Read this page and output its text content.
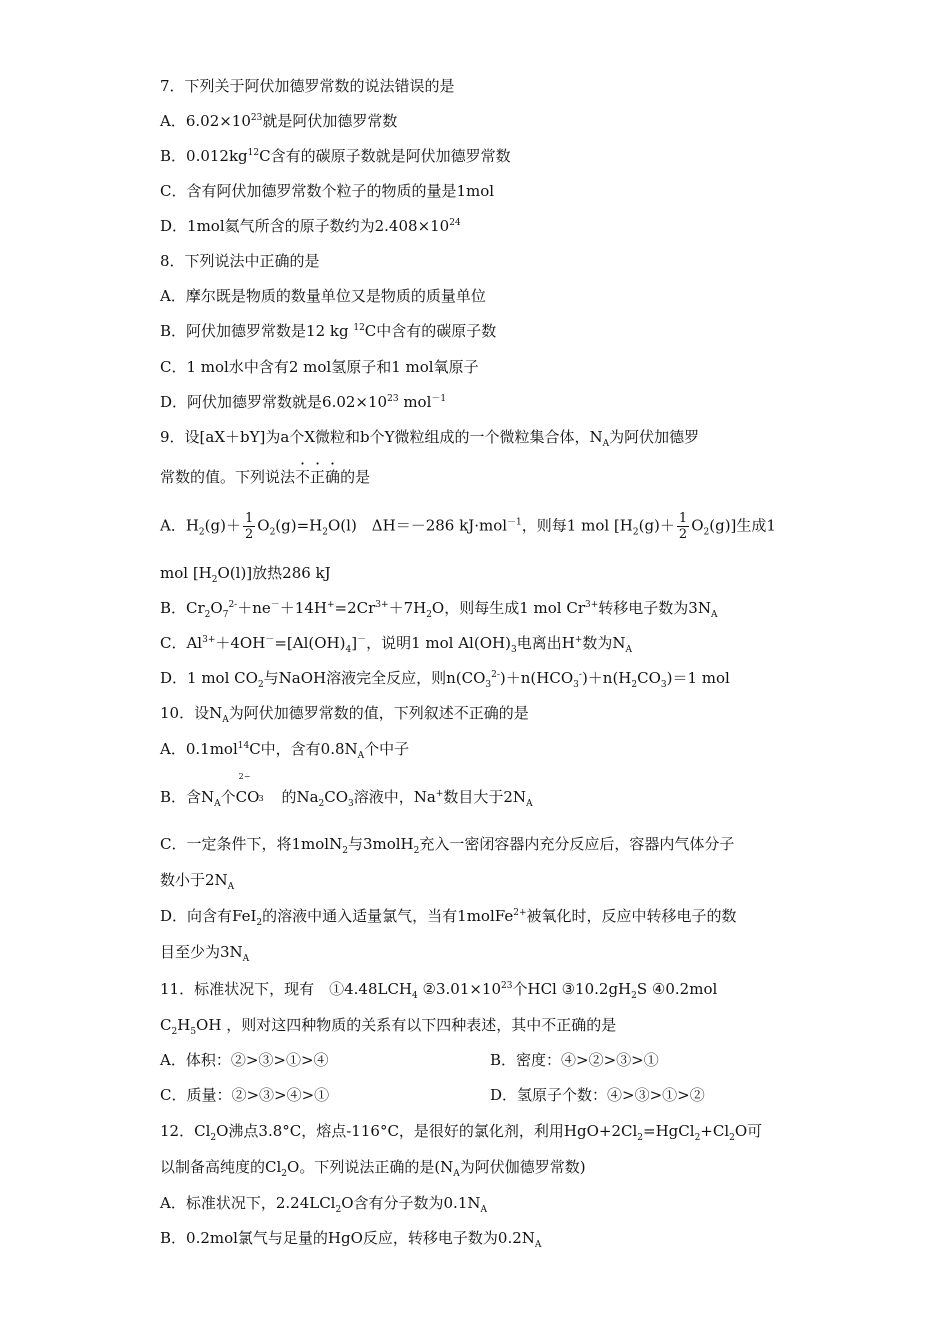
7．下列关于阿伏加德罗常数的说法错误的是
A．$6.02\times 10^{23}$就是阿伏加德罗常数
B．$0.012kg^{12}C$含有的碳原子数就是阿伏加德罗常数
C．含有阿伏加德罗常数个粒子的物质的量是1mol
D．1mol氦气所含的原子数约为$2.408\times 10^{24}$
8．下列说法中正确的是
A．摩尔既是物质的数量单位又是物质的质量单位
B．阿伏加德罗常数是12 kg $^{12}$C中含有的碳原子数
C．1 mol水中含有2 mol氢原子和1 mol氧原子
D．阿伏加德罗常数就是$6.02\times 10^{23}$ mol$^{-1}$
9．设[aX＋bY]为a个X微粒和b个Y微粒组成的一个微粒集合体，$N_A$为阿伏加德罗
常数的值。下列说法不正确的是
A．$H_2(g)+ \frac{1}{2} O_2(g)=H_2O(l)$　ΔH＝－286 kJ·mol$^{-1}$，则每1 mol $[H_2(g)+ \frac{1}{2} O_2(g)]$生成1
mol $[H_2O(l)]$放热286 kJ
B．$Cr_2O_7^{2-}+ne^-+14H^+=2Cr^{3+}+7H_2O$，则每生成1 mol $Cr^{3+}$转移电子数为$3N_A$
C．$Al^{3+}+4OH^-=[Al(OH)_4]^-$，说明1 mol $Al(OH)_3$电离出H+数为$N_A$
D．1 mol $CO_2$与NaOH溶液完全反应，则$n(CO_3^{2-})+n(HCO_3^-)+n(H_2CO_3)=1$ mol
10．设$N_A$为阿伏加德罗常数的值，下列叙述不正确的是
A．0.1mol$^{14}$C中，含有$0.8N_A$个中子
B．含$N_A$个CO
2−
3 的$Na_2CO_3$溶液中，Na+数目大于$2N_A$
C．一定条件下，将1molN$_2$与3molH$_2$充入一密闭容器内充分反应后，容器内气体分子
数小于$2N_A$
D．向含有FeI$_2$的溶液中通入适量氯气，当有1molFe$^{2+}$被氧化时，反应中转移电子的数
目至少为$3N_A$
11．标准状况下，现有　$①4.48LCH_4$ $②3.01\times 10^{23}$个HCl $③10.2gH_2S$ ④0.2mol
$C_2H_5OH$ ，则对这四种物质的关系有以下四种表述，其中不正确的是
A．体积：②>③>①>④	B．密度：④>②>③>①
C．质量：②>③>④>①	D．氢原子个数：④>③>①>②
12．$Cl_2O$沸点3.8°C，熔点-116°C，是很好的氯化剂，利用$HgO+2Cl_2=HgCl_2+Cl_2O$可
以制备高纯度的$Cl_2O$。下列说法正确的是($N_A$为阿伏伽德罗常数)
A．标准状况下，2.24LCl$_2$O含有分子数为$0.1N_A$
B．0.2mol氯气与足量的HgO反应，转移电子数为$0.2N_A$
